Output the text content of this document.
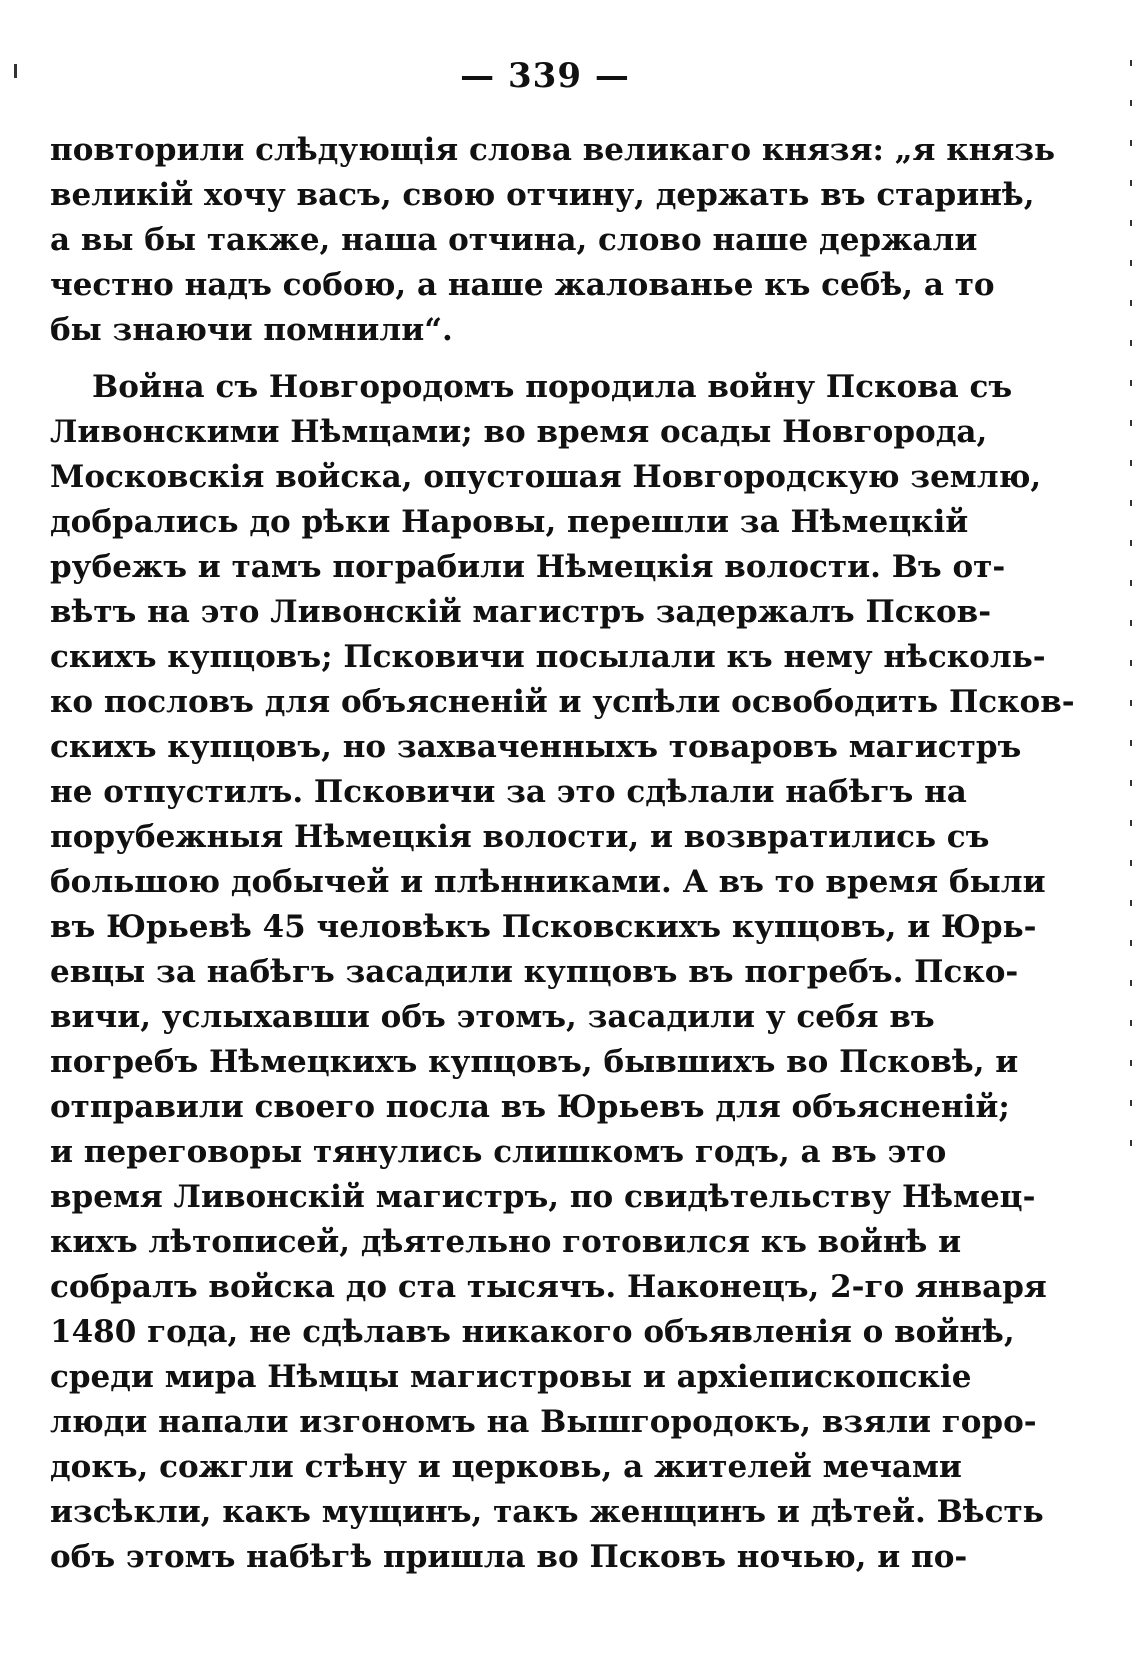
— 339 —
повторили слѣдующія слова великаго князя: „я князь
великій хочу васъ, свою отчину, держать въ старинѣ,
а вы бы также, наша отчина, слово наше держали
честно надъ собою, а наше жалованье къ себѣ, а то
бы знаючи помнили“.
Война съ Новгородомъ породила войну Пскова съ
Ливонскими Нѣмцами; во время осады Новгорода,
Московскія войска, опустошая Новгородскую землю,
добрались до рѣки Наровы, перешли за Нѣмецкій
рубежъ и тамъ пограбили Нѣмецкія волости. Въ от-
вѣтъ на это Ливонскій магистръ задержалъ Псков-
скихъ купцовъ; Псковичи посылали къ нему нѣсколь-
ко пословъ для объясненій и успѣли освободить Псков-
скихъ купцовъ, но захваченныхъ товаровъ магистръ
не отпустилъ. Псковичи за это сдѣлали набѣгъ на
порубежныя Нѣмецкія волости, и возвратились съ
большою добычей и плѣнниками. А въ то время были
въ Юрьевѣ 45 человѣкъ Псковскихъ купцовъ, и Юрь-
евцы за набѣгъ засадили купцовъ въ погребъ. Пско-
вичи, услыхавши объ этомъ, засадили у себя въ
погребъ Нѣмецкихъ купцовъ, бывшихъ во Псковѣ, и
отправили своего посла въ Юрьевъ для объясненій;
и переговоры тянулись слишкомъ годъ, а въ это
время Ливонскій магистръ, по свидѣтельству Нѣмец-
кихъ лѣтописей, дѣятельно готовился къ войнѣ и
собралъ войска до ста тысячъ. Наконецъ, 2-го января
1480 года, не сдѣлавъ никакого объявленія о войнѣ,
среди мира Нѣмцы магистровы и архіепископскіе
люди напали изгономъ на Вышгородокъ, взяли горо-
докъ, сожгли стѣну и церковь, а жителей мечами
изсѣкли, какъ мущинъ, такъ женщинъ и дѣтей. Вѣсть
объ этомъ набѣгѣ пришла во Псковъ ночью, и по-
